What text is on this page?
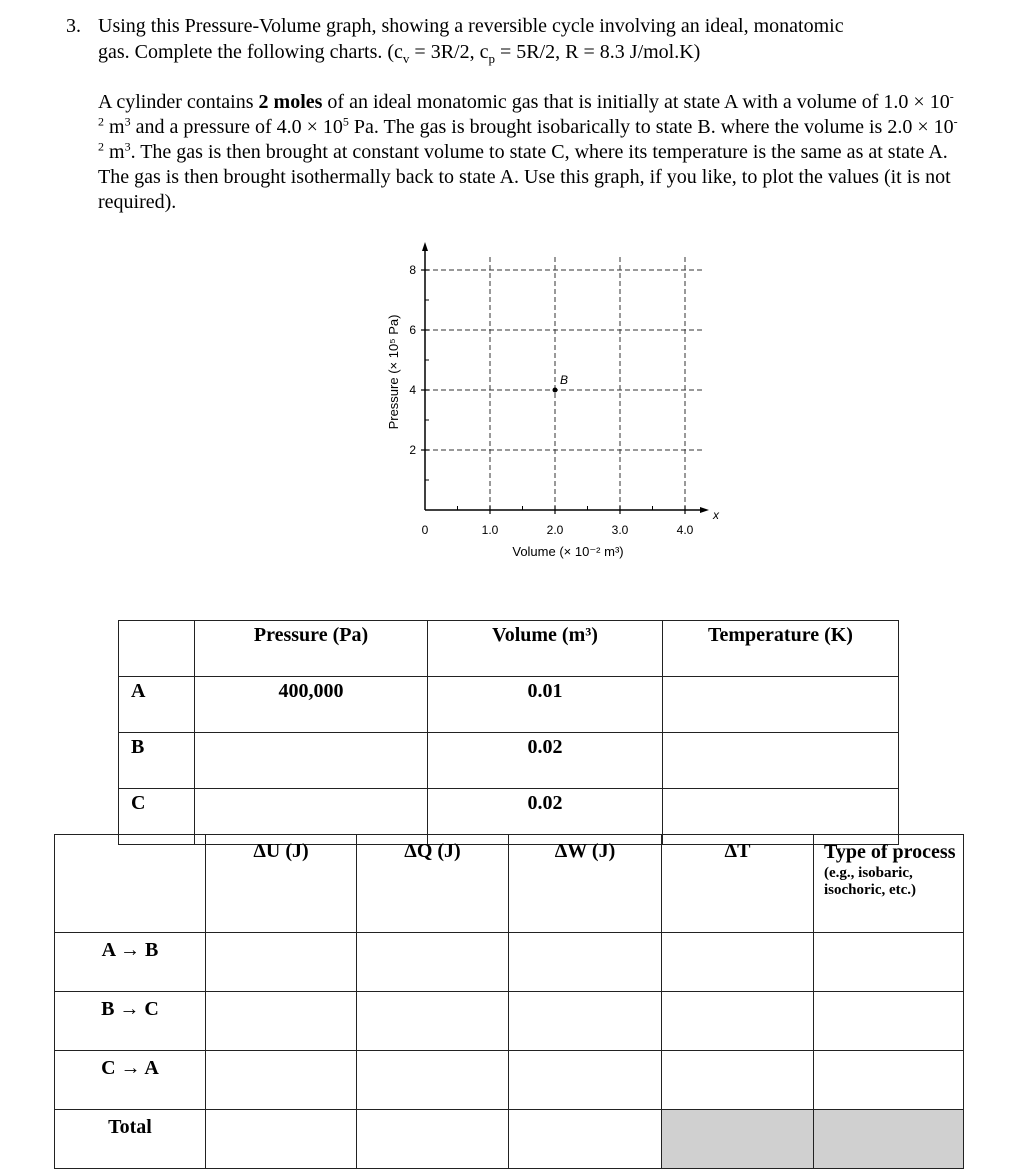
3. Using this Pressure-Volume graph, showing a reversible cycle involving an ideal, monatomic
gas. Complete the following charts. ($c_v = 3R/2$, $c_p = 5R/2$, R = 8.3 J/mol.K)
A cylinder contains 2 moles of an ideal monatomic gas that is initially at state A with a volume of $1.0 \times 10^{-2}$ $m^3$ and a pressure of $4.0 \times 10^5$ Pa. The gas is brought isobarically to state B. where the volume is $2.0 \times 10^{-2}$ $m^3$. The gas is then brought at constant volume to state C, where its temperature is the same as at state A. The gas is then brought isothermally back to state A. Use this graph, if you like, to plot the values (it is not required).
2
4
6
8
1.0	2.0	3.0	4.0
0
x
Volume (× 10⁻² m³)
Pressure (× 10⁵ Pa)	B
	Pressure (Pa)	Volume (m³)	Temperature (K)
A	400,000	0.01	
B		0.02	
C		0.02	
	ΔU (J)	ΔQ (J)	ΔW (J)	ΔT	Type of process
(e.g., isobaric, isochoric, etc.)

A → B					
B → C					
C → A					
Total					
